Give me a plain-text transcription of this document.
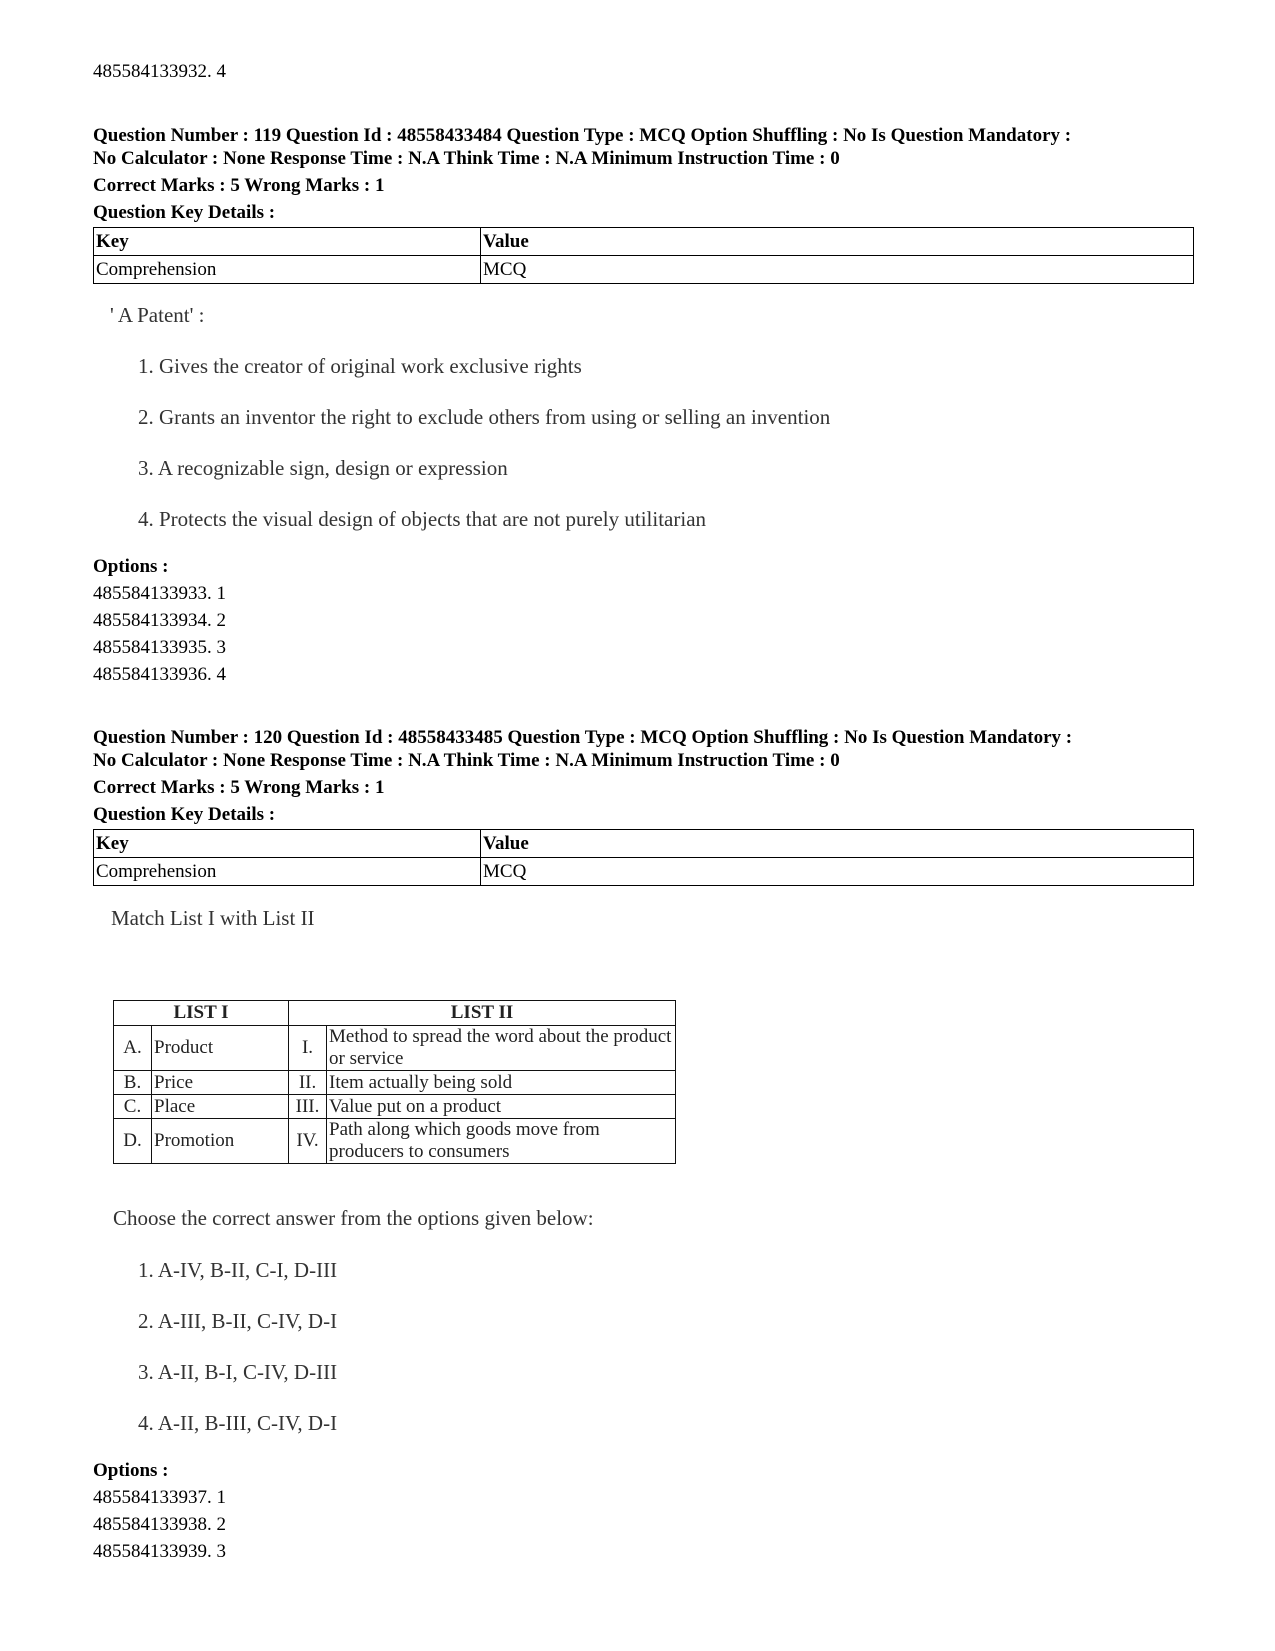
485584133932. 4
Question Number : 119 Question Id : 48558433484 Question Type : MCQ Option Shuffling : No Is Question Mandatory :
No Calculator : None Response Time : N.A Think Time : N.A Minimum Instruction Time : 0
Correct Marks : 5 Wrong Marks : 1
Question Key Details :
Key	Value
Comprehension	MCQ
' A Patent' :
1. Gives the creator of original work exclusive rights
2. Grants an inventor the right to exclude others from using or selling an invention
3. A recognizable sign, design or expression
4. Protects the visual design of objects that are not purely utilitarian
Options :
485584133933. 1
485584133934. 2
485584133935. 3
485584133936. 4
Question Number : 120 Question Id : 48558433485 Question Type : MCQ Option Shuffling : No Is Question Mandatory :
No Calculator : None Response Time : N.A Think Time : N.A Minimum Instruction Time : 0
Correct Marks : 5 Wrong Marks : 1
Question Key Details :
Key	Value
Comprehension	MCQ
Match List I with List II
LIST I		LIST II	
A.	Product	I.	Method to spread the word about the product or service
B.	Price	II.	Item actually being sold
C.	Place	III.	Value put on a product
D.	Promotion	IV.	Path along which goods move from producers to consumers
Choose the correct answer from the options given below:
1. A-IV, B-II, C-I, D-III
2. A-III, B-II, C-IV, D-I
3. A-II, B-I, C-IV, D-III
4. A-II, B-III, C-IV, D-I
Options :
485584133937. 1
485584133938. 2
485584133939. 3
